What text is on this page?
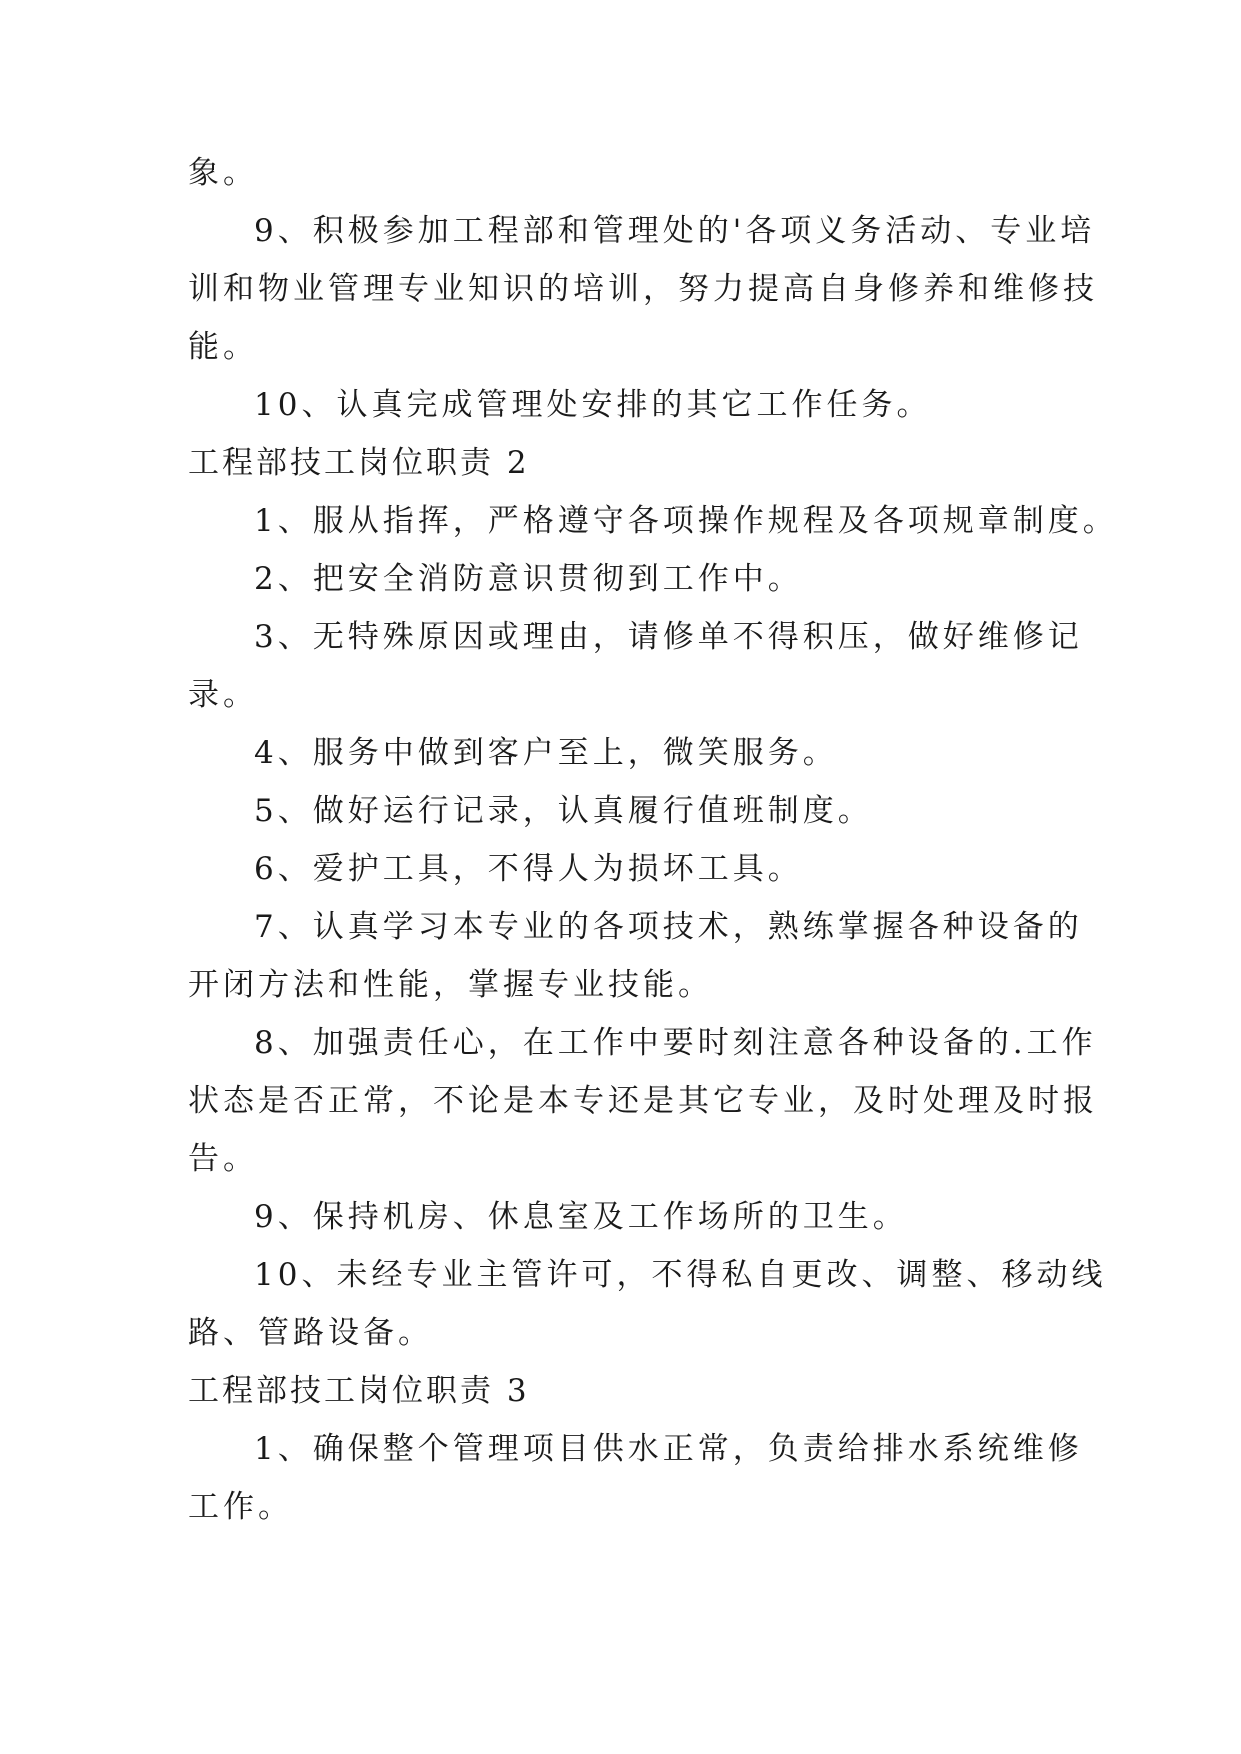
象。
9、积极参加工程部和管理处的'各项义务活动、专业培
训和物业管理专业知识的培训，努力提高自身修养和维修技
能。
10、认真完成管理处安排的其它工作任务。
工程部技工岗位职责 2
1、服从指挥，严格遵守各项操作规程及各项规章制度。
2、把安全消防意识贯彻到工作中。
3、无特殊原因或理由，请修单不得积压，做好维修记
录。
4、服务中做到客户至上，微笑服务。
5、做好运行记录，认真履行值班制度。
6、爱护工具，不得人为损坏工具。
7、认真学习本专业的各项技术，熟练掌握各种设备的
开闭方法和性能，掌握专业技能。
8、加强责任心，在工作中要时刻注意各种设备的.工作
状态是否正常，不论是本专还是其它专业，及时处理及时报
告。
9、保持机房、休息室及工作场所的卫生。
10、未经专业主管许可，不得私自更改、调整、移动线
路、管路设备。
工程部技工岗位职责 3
1、确保整个管理项目供水正常，负责给排水系统维修
工作。
